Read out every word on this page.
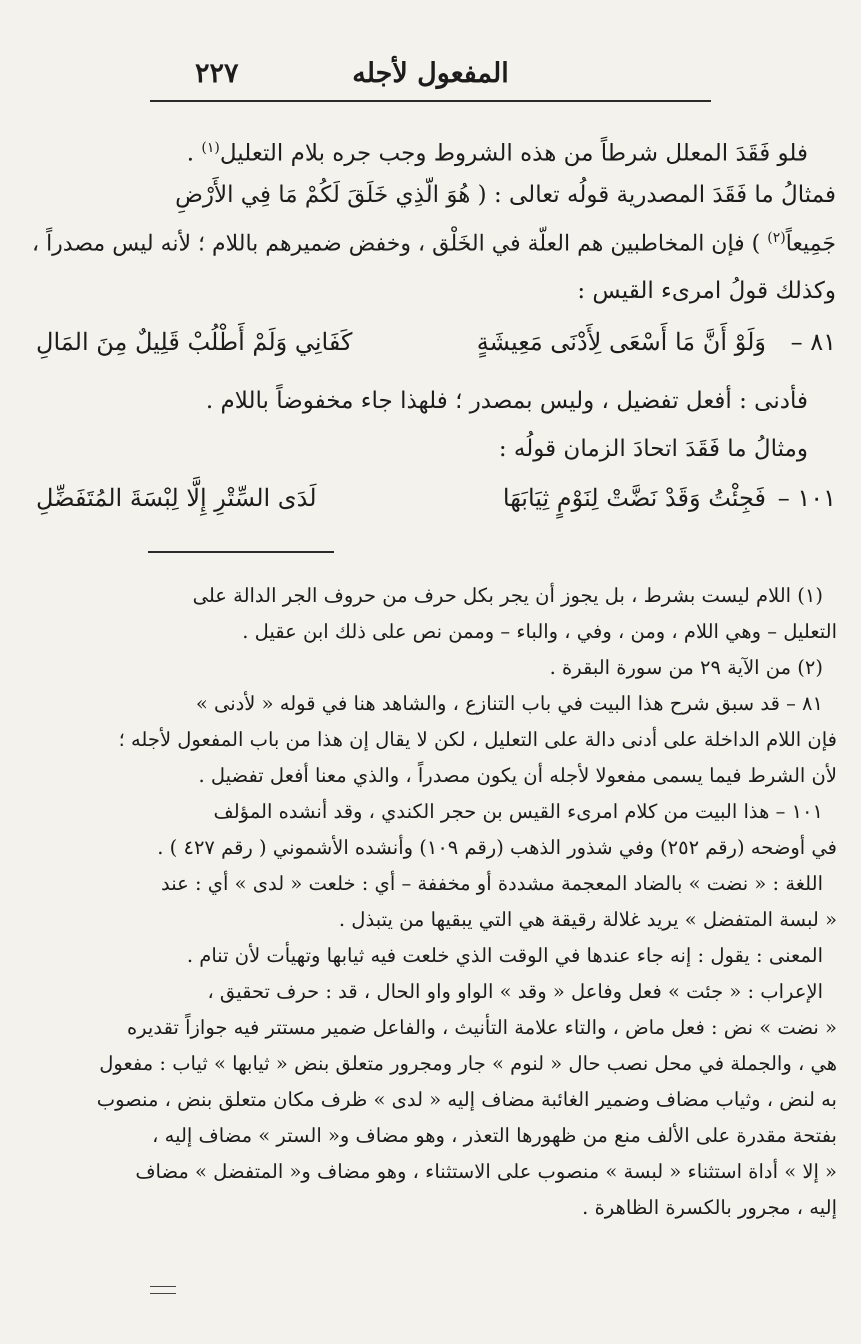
المفعول لأجله
٢٢٧
فلو فَقَدَ المعلل شرطاً من هذه الشروط وجب جره بلام التعليل$^{(١)}$ .
فمثالُ ما فَقَدَ المصدرية قولُه تعالى : ( هُوَ الّذِي خَلَقَ لَكُمْ مَا فِي الأَرْضِ
جَمِيعاً$^{(٢)}$ ) فإن المخاطبين هم العلّة في الخَلْق ، وخفض ضميرهم باللام ؛ لأنه ليس مصدراً ،
وكذلك قولُ امرىء القيس :
٨١ –
وَلَوْ أَنَّ مَا أَسْعَى لِأَدْنَى مَعِيشَةٍ
كَفَانِي وَلَمْ أَطْلُبْ قَلِيلٌ مِنَ المَالِ
فأدنى : أفعل تفضيل ، وليس بمصدر ؛ فلهذا جاء مخفوضاً باللام .
ومثالُ ما فَقَدَ اتحادَ الزمان قولُه :
١٠١ –
فَجِئْتُ وَقَدْ نَضَّتْ لِنَوْمٍ ثِيَابَهَا
لَدَى السِّتْرِ إِلَّا لِبْسَةَ المُتَفَضِّلِ
(١) اللام ليست بشرط ، بل يجوز أن يجر بكل حرف من حروف الجر الدالة على
التعليل – وهي اللام ، ومن ، وفي ، والباء – وممن نص على ذلك ابن عقيل .
(٢) من الآية ٢٩ من سورة البقرة .
٨١ – قد سبق شرح هذا البيت في باب التنازع ، والشاهد هنا في قوله « لأدنى »
فإن اللام الداخلة على أدنى دالة على التعليل ، لكن لا يقال إن هذا من باب المفعول لأجله ؛
لأن الشرط فيما يسمى مفعولا لأجله أن يكون مصدراً ، والذي معنا أفعل تفضيل .
١٠١ – هذا البيت من كلام امرىء القيس بن حجر الكندي ، وقد أنشده المؤلف
في أوضحه (رقم ٢٥٢) وفي شذور الذهب (رقم ١٠٩) وأنشده الأشموني ( رقم ٤٢٧ ) .
اللغة : « نضت » بالضاد المعجمة مشددة أو مخففة – أي : خلعت « لدى » أي : عند
« لبسة المتفضل » يريد غلالة رقيقة هي التي يبقيها من يتبذل .
المعنى : يقول : إنه جاء عندها في الوقت الذي خلعت فيه ثيابها وتهيأت لأن تنام .
الإعراب : « جئت » فعل وفاعل « وقد » الواو واو الحال ، قد : حرف تحقيق ،
« نضت » نض : فعل ماض ، والتاء علامة التأنيث ، والفاعل ضمير مستتر فيه جوازاً تقديره
هي ، والجملة في محل نصب حال « لنوم » جار ومجرور متعلق بنض « ثيابها » ثياب : مفعول
به لنض ، وثياب مضاف وضمير الغائبة مضاف إليه « لدى » ظرف مكان متعلق بنض ، منصوب
بفتحة مقدرة على الألف منع من ظهورها التعذر ، وهو مضاف و« الستر » مضاف إليه ،
« إلا » أداة استثناء « لبسة » منصوب على الاستثناء ، وهو مضاف و« المتفضل » مضاف
إليه ، مجرور بالكسرة الظاهرة .
